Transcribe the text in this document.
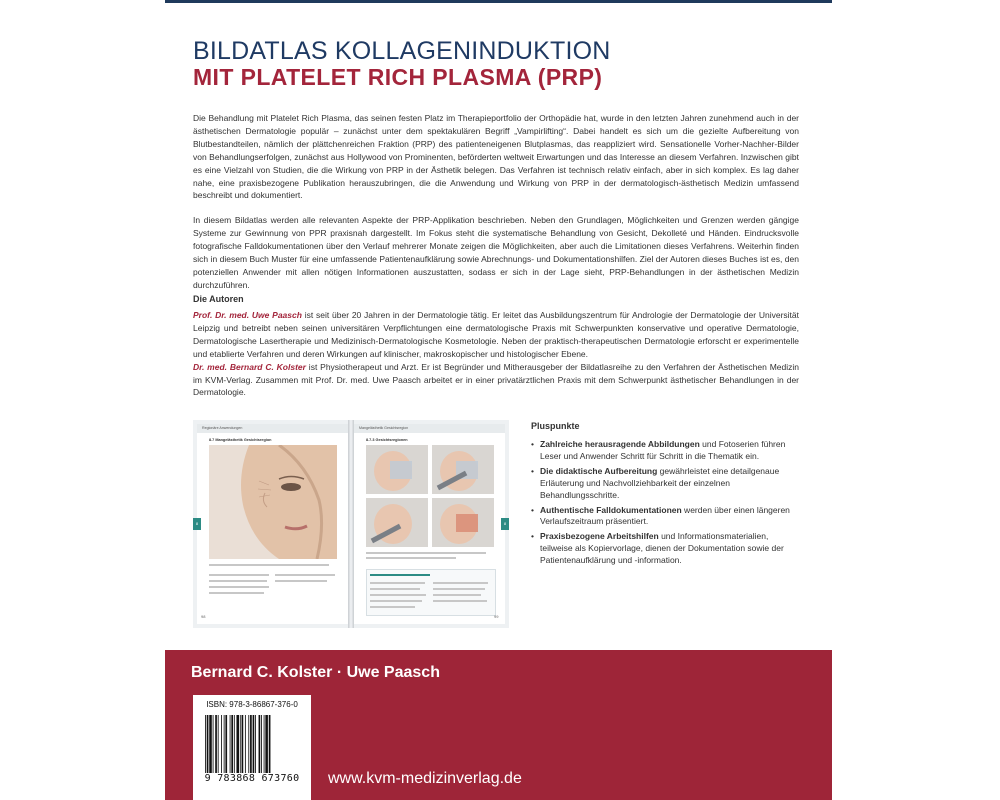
BILDATLAS KOLLAGENINDUKTION
MIT PLATELET RICH PLASMA (PRP)

Die Behandlung mit Platelet Rich Plasma, das seinen festen Platz im Therapieportfolio der Orthopädie hat, wurde in den letzten Jahren zunehmend auch in der ästhetischen Dermatologie populär – zunächst unter dem spektakulären Begriff „Vampirlifting“. Dabei handelt es sich um die gezielte Aufbereitung von Blutbestandteilen, nämlich der plättchenreichen Fraktion (PRP) des patienteneigenen Blutplasmas, das reappliziert wird. Sensationelle Vorher-Nachher-Bilder von Behandlungserfolgen, zunächst aus Hollywood von Prominenten, beförderten weltweit Erwartungen und das Interesse an diesem Verfahren. Inzwischen gibt es eine Vielzahl von Studien, die die Wirkung von PRP in der Ästhetik belegen. Das Verfahren ist technisch relativ einfach, aber in sich komplex. Es lag daher nahe, eine praxisbezogene Publikation herauszubringen, die die Anwendung und Wirkung von PRP in der dermatologisch-ästhetisch Medizin umfassend beschreibt und dokumentiert.

In diesem Bildatlas werden alle relevanten Aspekte der PRP-Applikation beschrieben. Neben den Grundlagen, Möglichkeiten und Grenzen werden gängige Systeme zur Gewinnung von PPR praxisnah dargestellt. Im Fokus steht die systematische Behandlung von Gesicht, Dekolleté und Händen. Eindrucksvolle fotografische Falldokumentationen über den Verlauf mehrerer Monate zeigen die Möglichkeiten, aber auch die Limitationen dieses Verfahrens. Weiterhin finden sich in diesem Buch Muster für eine umfassende Patientenaufklärung sowie Abrechnungs- und Dokumentationshilfen. Ziel der Autoren dieses Buches ist es, den potenziellen Anwender mit allen nötigen Informationen auszustatten, sodass er sich in der Lage sieht, PRP-Behandlungen in der ästhetischen Medizin durchzuführen.

Die Autoren

Prof. Dr. med. Uwe Paasch ist seit über 20 Jahren in der Dermatologie tätig. Er leitet das Ausbildungszentrum für Andrologie der Dermatologie der Universität Leipzig und betreibt neben seinen universitären Verpflichtungen eine dermatologische Praxis mit Schwerpunkten konservative und operative Dermatologie, Dermatologische Lasertherapie und Medizinisch-Dermatologische Kosmetologie. Neben der praktisch-therapeutischen Dermatologie erforscht er experimentelle und etablierte Verfahren und deren Wirkungen auf klinischer, makroskopischer und histologischer Ebene.

Dr. med. Bernard C. Kolster ist Physiotherapeut und Arzt. Er ist Begründer und Mitherausgeber der Bildatlasreihe zu den Verfahren der Ästhetischen Medizin im KVM-Verlag. Zusammen mit Prof. Dr. med. Uwe Paasch arbeitet er in einer privatärztlichen Praxis mit dem Schwerpunkt ästhetischer Behandlungen in der Dermatologie.

Regionäre Anwendungen
8.7 Mangelästhetik Gesichtsregion
8
98
Mangelästhetik Gesichtsregion
8.7.3 Gesichtsregionen
8
99
Pluspunkte
• Zahlreiche herausragende Abbildungen und Fotoserien führen Leser und Anwender Schritt für Schritt in die Thematik ein.
• Die didaktische Aufbereitung gewährleistet eine detailgenaue Erläuterung und Nachvollziehbarkeit der einzelnen Behandlungsschritte.
• Authentische Falldokumentationen werden über einen längeren Verlaufszeitraum präsentiert.
• Praxisbezogene Arbeitshilfen und Informationsmaterialien, teilweise als Kopiervorlage, dienen der Dokumentation sowie der Patientenaufklärung und -information.
Bernard C. Kolster · Uwe Paasch
ISBN: 978-3-86867-376-0
9 783868 673760	www.kvm-medizinverlag.de
